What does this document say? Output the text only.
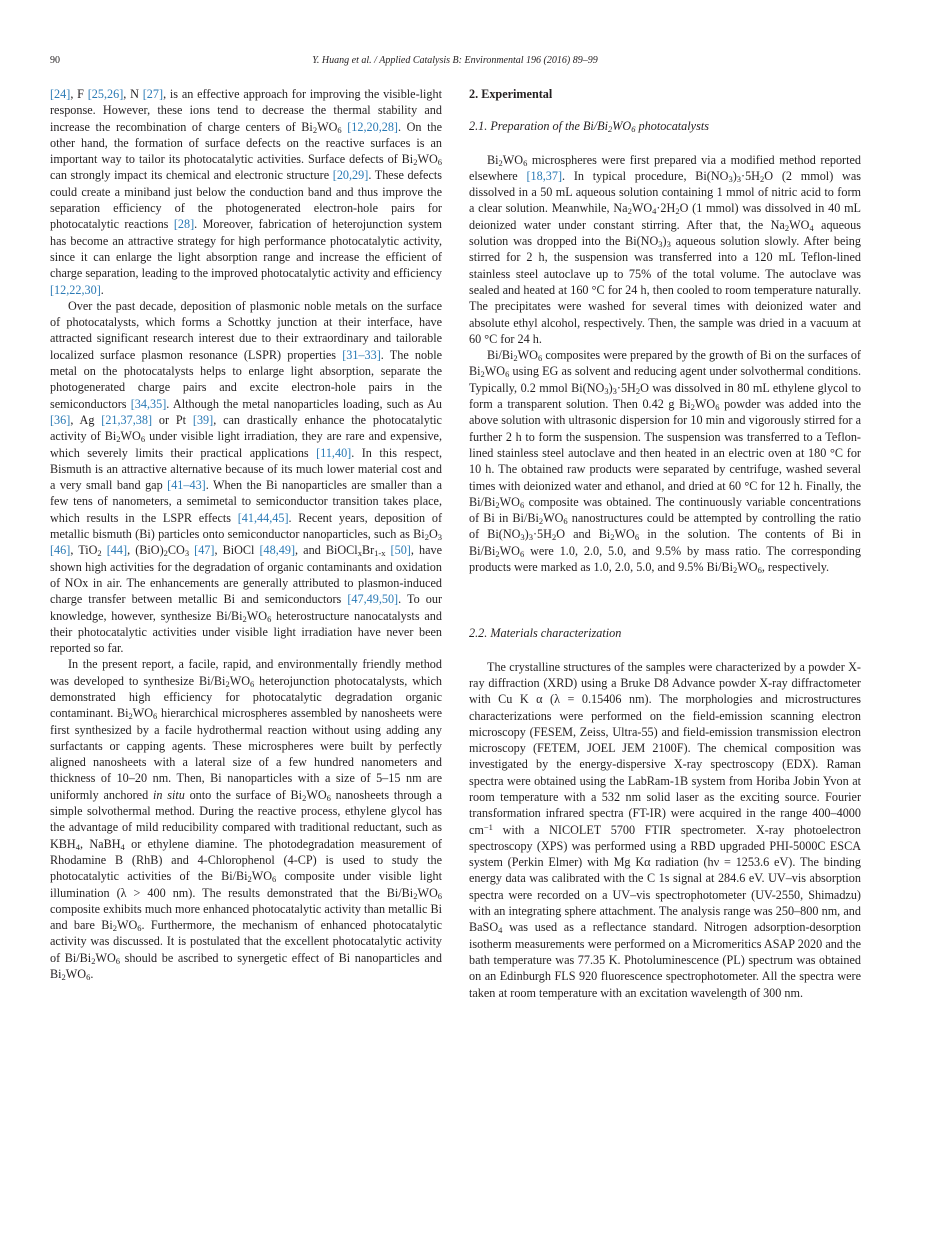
90	Y. Huang et al. / Applied Catalysis B: Environmental 196 (2016) 89–99

[24], F [25,26], N [27], is an effective approach for improving the visible-light response. However, these ions tend to decrease the thermal stability and increase the recombination of charge centers of $Bi_2WO_6$ [12,20,28]. On the other hand, the formation of surface defects on the reactive surfaces is an important way to tailor its photocatalytic activities. Surface defects of $Bi_2WO_6$ can strongly impact its chemical and electronic structure [20,29]. These defects could create a miniband just below the conduction band and thus improve the separation efficiency of the photogenerated electron-hole pairs for photocatalytic reactions [28]. Moreover, fabrication of heterojunction system has become an attractive strategy for high performance photocatalytic activity, since it can enlarge the light absorption range and increase the efficient of charge separation, leading to the improved photocatalytic activity and efficiency [12,22,30].

Over the past decade, deposition of plasmonic noble metals on the surface of photocatalysts, which forms a Schottky junction at their interface, have attracted significant research interest due to their extraordinary and tailorable localized surface plasmon resonance (LSPR) properties [31–33]. The noble metal on the photocatalysts helps to enlarge light absorption, separate the photogenerated charge pairs and excite electron-hole pairs in the semiconductors [34,35]. Although the metal nanoparticles loading, such as Au [36], Ag [21,37,38] or Pt [39], can drastically enhance the photocatalytic activity of $Bi_2WO_6$ under visible light irradiation, they are rare and expensive, which severely limits their practical applications [11,40]. In this respect, Bismuth is an attractive alternative because of its much lower material cost and a very small band gap [41–43]. When the Bi nanoparticles are smaller than a few tens of nanometers, a semimetal to semiconductor transition takes place, which results in the LSPR effects [41,44,45]. Recent years, deposition of metallic bismuth (Bi) particles onto semiconductor nanoparticles, such as $Bi_2O_3$ [46], TiO$_2$ [44], $(BiO)_2CO_3$ [47], BiOCl [48,49], and $BiOCl_xBr_{1-x}$ [50], have shown high activities for the degradation of organic contaminants and oxidation of NOx in air. The enhancements are generally attributed to plasmon-induced charge transfer between metallic Bi and semiconductors [47,49,50]. To our knowledge, however, synthesize $Bi/Bi_2WO_6$ heterostructure nanocatalysts and their photocatalytic activities under visible light irradiation have never been reported so far.

In the present report, a facile, rapid, and environmentally friendly method was developed to synthesize $Bi/Bi_2WO_6$ heterojunction photocatalysts, which demonstrated high efficiency for photocatalytic degradation organic contaminant. $Bi_2WO_6$ hierarchical microspheres assembled by nanosheets were first synthesized by a facile hydrothermal reaction without using adding any surfactants or capping agents. These microspheres were built by perfectly aligned nanosheets with a lateral size of a few hundred nanometers and thickness of 10–20 nm. Then, Bi nanoparticles with a size of 5–15 nm are uniformly anchored in situ onto the surface of $Bi_2WO_6$ nanosheets through a simple solvothermal method. During the reactive process, ethylene glycol has the advantage of mild reducibility compared with traditional reductant, such as $KBH_4$, NaBH$_4$ or ethylene diamine. The photodegradation measurement of Rhodamine B (RhB) and 4-Chlorophenol (4-CP) is used to study the photocatalytic activities of the $Bi/Bi_2WO_6$ composite under visible light illumination (λ > 400 nm). The results demonstrated that the $Bi/Bi_2WO_6$ composite exhibits much more enhanced photocatalytic activity than metallic Bi and bare $Bi_2WO_6$. Furthermore, the mechanism of enhanced photocatalytic activity was discussed. It is postulated that the excellent photocatalytic activity of $Bi/Bi_2WO_6$ should be ascribed to synergetic effect of Bi nanoparticles and $Bi_2WO_6$.

2. Experimental
2.1. Preparation of the $Bi/Bi_2WO_6$ photocatalysts

$Bi_2WO_6$ microspheres were first prepared via a modified method reported elsewhere [18,37]. In typical procedure, $Bi(NO_3)_3\cdot 5H_2O$ (2 mmol) was dissolved in a 50 mL aqueous solution containing 1 mmol of nitric acid to form a clear solution. Meanwhile, $Na_2WO_4\cdot 2H_2O$ (1 mmol) was dissolved in 40 mL deionized water under constant stirring. After that, the $Na_2WO_4$ aqueous solution was dropped into the $Bi(NO_3)_3$ aqueous solution slowly. After being stirred for 2 h, the suspension was transferred into a 120 mL Teflon-lined stainless steel autoclave up to 75% of the total volume. The autoclave was sealed and heated at 160 °C for 24 h, then cooled to room temperature naturally. The precipitates were washed for several times with deionized water and absolute ethyl alcohol, respectively. Then, the sample was dried in a vacuum at 60 °C for 24 h.

$Bi/Bi_2WO_6$ composites were prepared by the growth of Bi on the surfaces of $Bi_2WO_6$ using EG as solvent and reducing agent under solvothermal conditions. Typically, 0.2 mmol $Bi(NO_3)_3\cdot 5H_2O$ was dissolved in 80 mL ethylene glycol to form a transparent solution. Then 0.42 g $Bi_2WO_6$ powder was added into the above solution with ultrasonic dispersion for 10 min and vigorously stirred for a further 2 h to form the suspension. The suspension was transferred to a Teflon-lined stainless steel autoclave and then heated in an electric oven at 180 °C for 10 h. The obtained raw products were separated by centrifuge, washed several times with deionized water and ethanol, and dried at 60 °C for 12 h. Finally, the $Bi/Bi_2WO_6$ composite was obtained. The continuously variable concentrations of Bi in $Bi/Bi_2WO_6$ nanostructures could be attempted by controlling the ratio of $Bi(NO_3)_3\cdot 5H_2O$ and $Bi_2WO_6$ in the solution. The contents of Bi in $Bi/Bi_2WO_6$ were 1.0, 2.0, 5.0, and 9.5% by mass ratio. The corresponding products were marked as 1.0, 2.0, 5.0, and 9.5% $Bi/Bi_2WO_6$, respectively.

2.2. Materials characterization

The crystalline structures of the samples were characterized by a powder X-ray diffraction (XRD) using a Bruke D8 Advance powder X-ray diffractometer with Cu K α (λ = 0.15406 nm). The morphologies and microstructures characterizations were performed on the field-emission scanning electron microscopy (FESEM, Zeiss, Ultra-55) and field-emission transmission electron microscopy (FETEM, JOEL JEM 2100F). The chemical composition was investigated by the energy-dispersive X-ray spectroscopy (EDX). Raman spectra were obtained using the LabRam-1B system from Horiba Jobin Yvon at room temperature with a 532 nm solid laser as the exciting source. Fourier transformation infrared spectra (FT-IR) were acquired in the range 400–4000 $cm^{-1}$ with a NICOLET 5700 FTIR spectrometer. X-ray photoelectron spectroscopy (XPS) was performed using a RBD upgraded PHI-5000C ESCA system (Perkin Elmer) with Mg Kα radiation (hν = 1253.6 eV). The binding energy data was calibrated with the C 1s signal at 284.6 eV. UV–vis absorption spectra were recorded on a UV–vis spectrophotometer (UV-2550, Shimadzu) with an integrating sphere attachment. The analysis range was 250–800 nm, and BaSO$_4$ was used as a reflectance standard. Nitrogen adsorption-desorption isotherm measurements were performed on a Micromeritics ASAP 2020 and the bath temperature was 77.35 K. Photoluminescence (PL) spectrum was obtained on an Edinburgh FLS 920 fluorescence spectrophotometer. All the spectra were taken at room temperature with an excitation wavelength of 300 nm.
